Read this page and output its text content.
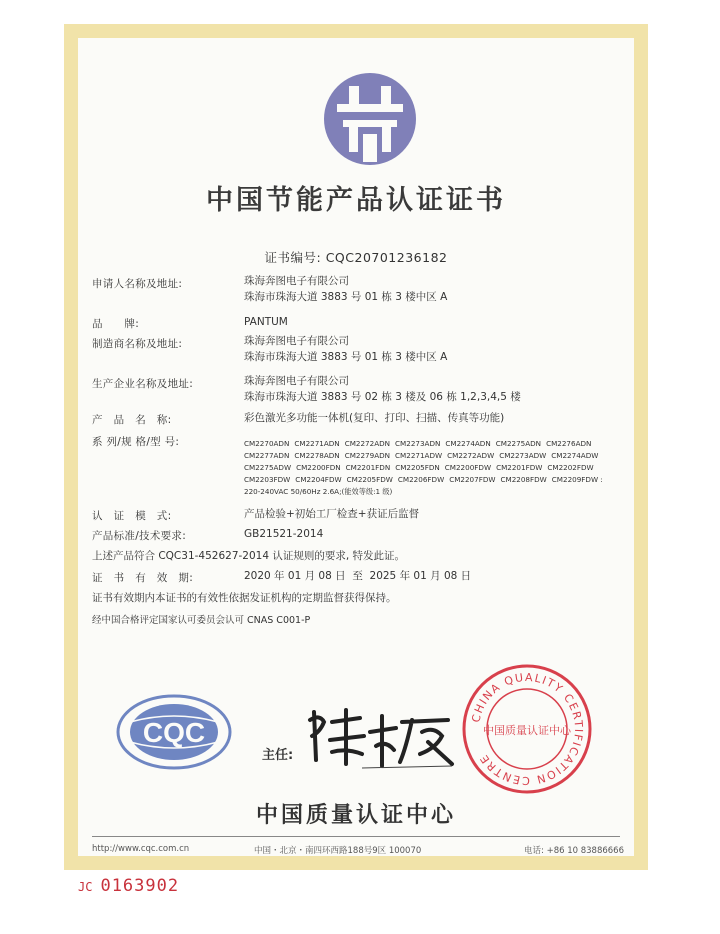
中国节能产品认证证书
证书编号: CQC20701236182
申请人名称及地址:	珠海奔图电子有限公司
珠海市珠海大道 3883 号 01 栋 3 楼中区 A
品　　牌:	PANTUM
制造商名称及地址:	珠海奔图电子有限公司
珠海市珠海大道 3883 号 01 栋 3 楼中区 A
生产企业名称及地址:	珠海奔图电子有限公司
珠海市珠海大道 3883 号 02 栋 3 楼及 06 栋 1,2,3,4,5 楼
产　品　名　称:	彩色激光多功能一体机(复印、打印、扫描、传真等功能)
系 列/规 格/型 号:	CM2270ADN CM2271ADN CM2272ADN CM2273ADN CM2274ADN CM2275ADN CM2276ADN
CM2277ADN CM2278ADN CM2279ADN CM2271ADW CM2272ADW CM2273ADW CM2274ADW
CM2275ADW CM2200FDN CM2201FDN CM2205FDN CM2200FDW CM2201FDW CM2202FDW
CM2203FDW CM2204FDW CM2205FDW CM2206FDW CM2207FDW CM2208FDW CM2209FDW :
220-240VAC 50/60Hz 2.6A;(能效等级:1 级)
认　证　模　式:	产品检验+初始工厂检查+获证后监督
产品标准/技术要求:	GB21521-2014
上述产品符合 CQC31-452627-2014 认证规则的要求, 特发此证。
证　书　有　效　期:	2020 年 01 月 08 日 至 2025 年 01 月 08 日
证书有效期内本证书的有效性依据发证机构的定期监督获得保持。
经中国合格评定国家认可委员会认可 CNAS C001-P
CQC
主任:
CHINA QUALITY CERTIFICATION CENTRE
中国质量认证中心
中国质量认证中心
http://www.cqc.com.cn	中国・北京・南四环西路188号9区 100070	电话: +86 10 83886666
JC 0163902
